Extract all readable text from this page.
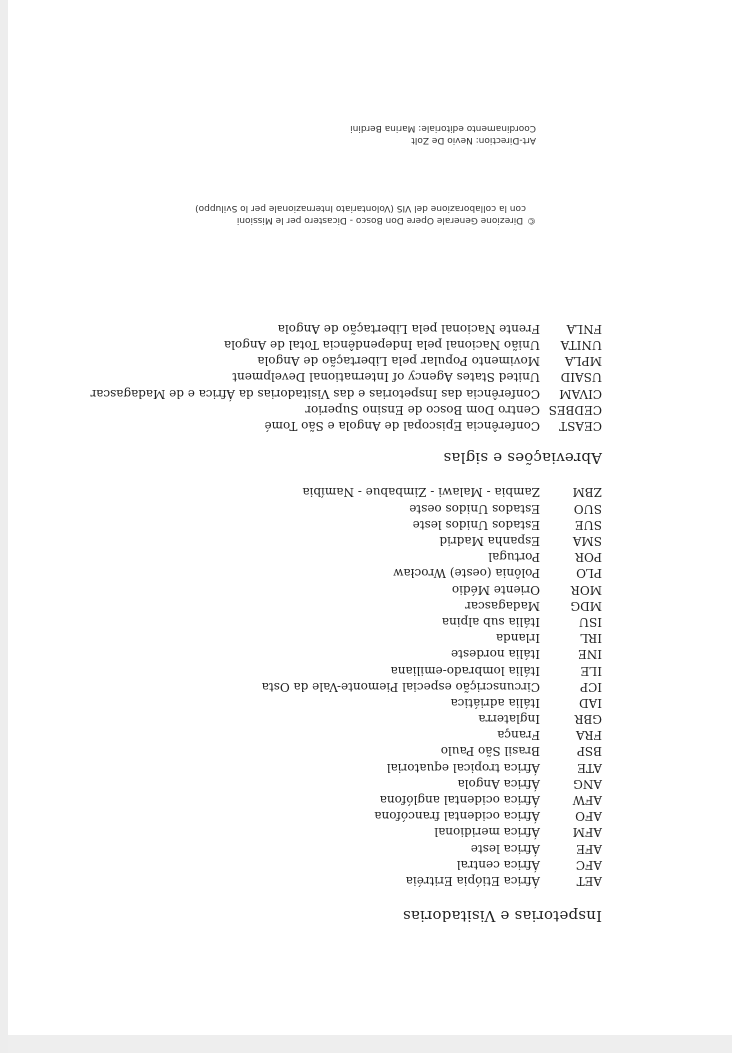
Inspetorias e Visitadorias
AETÁfrica Etiópia Eritréia
AFCÁfrica central
AFEÁfrica leste
AFMÁfrica meridional
AFOÁfrica ocidental francófona
AFWÁfrica ocidental anglófona
ANGÁfrica Angola
ATEÁfrica tropical equatorial
BSPBrasil São Paulo
FRAFrança
GBRInglaterra
IADItália adriática
ICPCircunscrição especial Piemonte-Vale da Osta
ILEItália lombrado-emiliana
INEItália nordeste
IRLIrlanda
ISUItália sub alpina
MDGMadagascar
MOROriente Médio
PLOPolônia (oeste) Wrocław
PORPortugal
SMAEspanha Madrid
SUEEstados Unidos leste
SUOEstados Unidos oeste
ZBMZambia - Malawi - Zimbabue - Namíbia
Abreviações e siglas
CEASTConferência Episcopal de Angola e São Tomé
CEDBESCentro Dom Bosco de Ensino Superior
CIVAMConferência das Inspetorias e das Visitadorias da África e de Madagascar
USAIDUnited States Agency of International Develpment
MPLAMovimento Popular pela Libertação de Angola
UNITAUnião Nacional pela Independência Total de Angola
FNLAFrente Nacional pela Libertação de Angola

© Direzione Generale Opere Don Bosco - Dicastero per le Missioni

con la collaborazione del VIS (Volontariato Internazionale per lo Sviluppo)

Art-Direction: Nevio De Zolt

Coordinamento editoriale: Marina Berdini
